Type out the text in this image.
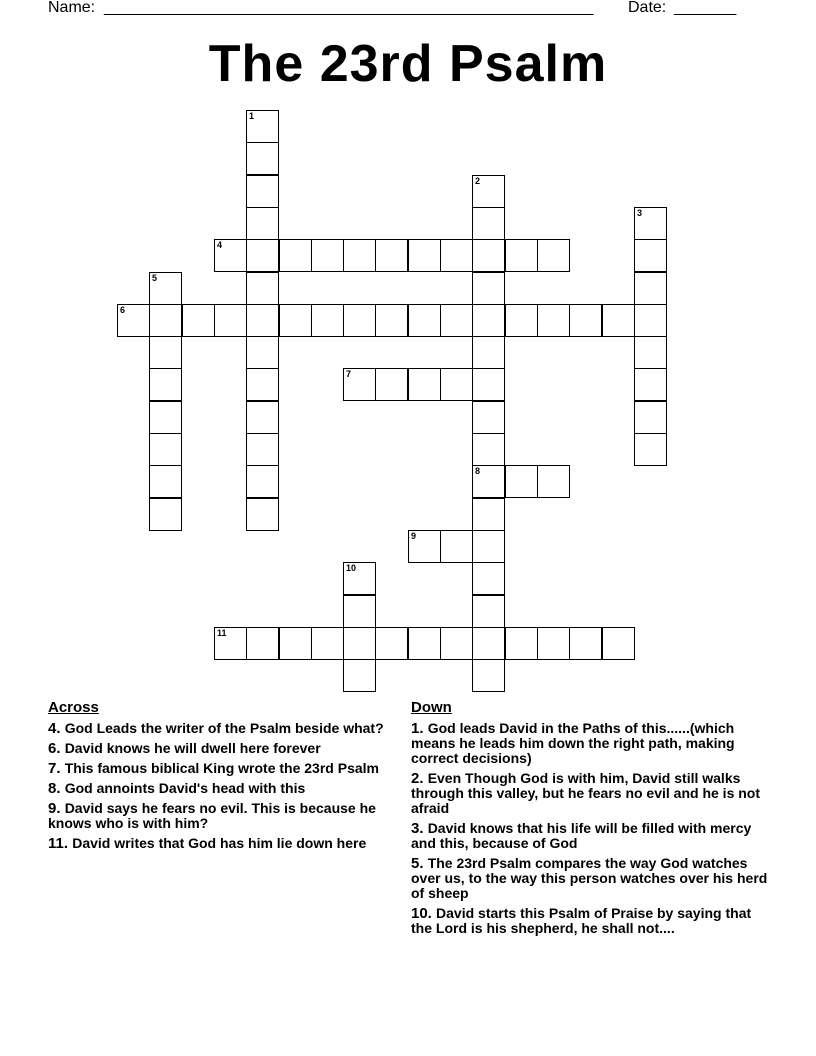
Name:

_______________________________________________________

Date:

_______

The 23rd Psalm
1
2
8
3
4
5
6
7
9
10
11
Across
4. God Leads the writer of the Psalm beside what?
6. David knows he will dwell here forever
7. This famous biblical King wrote the 23rd Psalm
8. God annoints David's head with this
9. David says he fears no evil. This is because he knows who is with him?
11. David writes that God has him lie down here
Down
1. God leads David in the Paths of this......(which means he leads him down the right path, making correct decisions)
2. Even Though God is with him, David still walks through this valley, but he fears no evil and he is not afraid
3. David knows that his life will be filled with mercy and this, because of God
5. The 23rd Psalm compares the way God watches over us, to the way this person watches over his herd of sheep
10. David starts this Psalm of Praise by saying that the Lord is his shepherd, he shall not....
